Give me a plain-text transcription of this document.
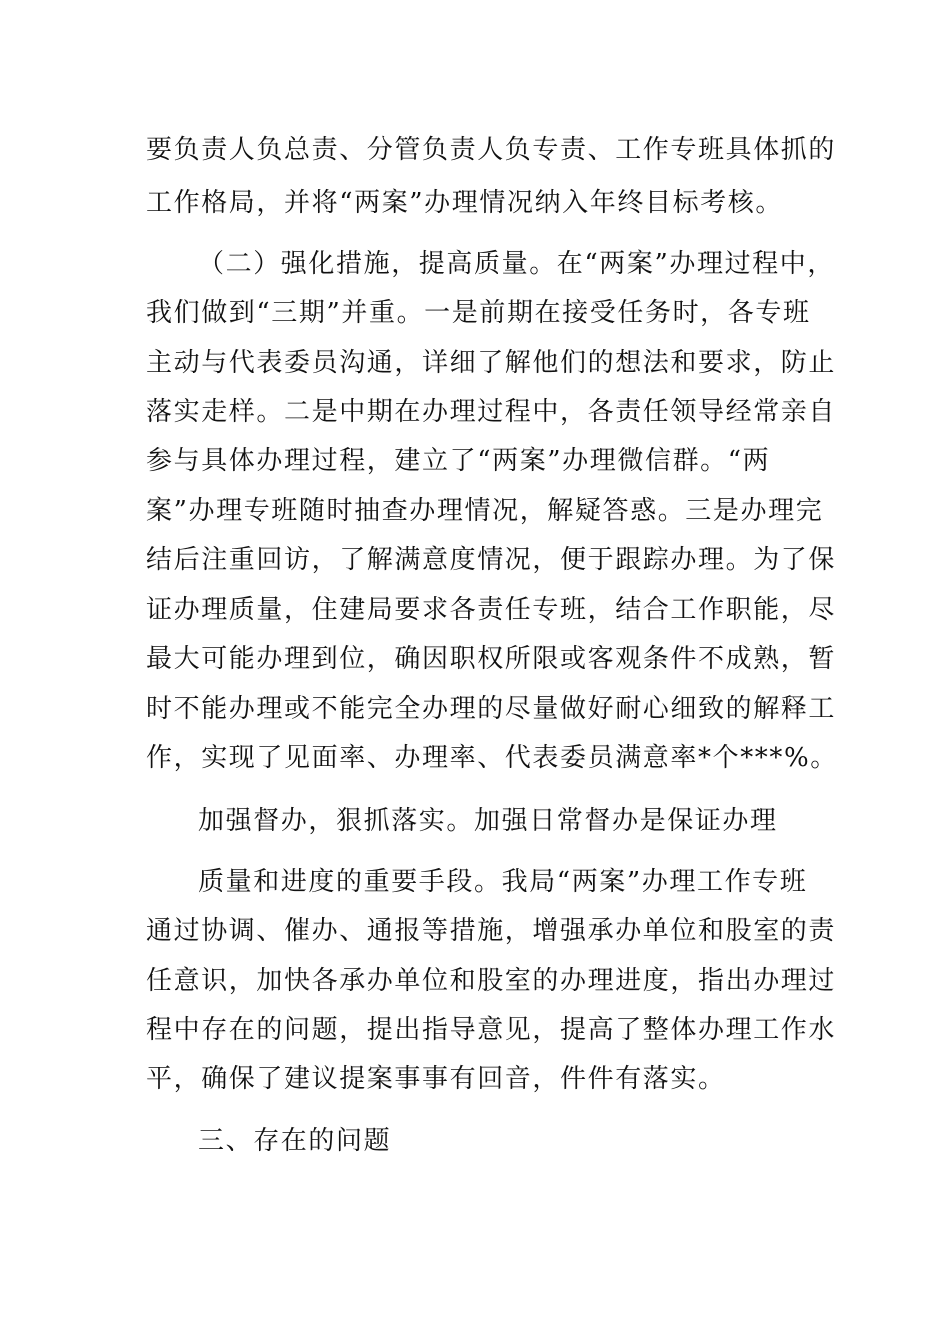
要负责人负总责、分管负责人负专责、工作专班具体抓的
工作格局，并将“两案”办理情况纳入年终目标考核。
（二）强化措施，提高质量。在“两案”办理过程中，
我们做到“三期”并重。一是前期在接受任务时，各专班
主动与代表委员沟通，详细了解他们的想法和要求，防止
落实走样。二是中期在办理过程中，各责任领导经常亲自
参与具体办理过程，建立了“两案”办理微信群。“两
案”办理专班随时抽查办理情况，解疑答惑。三是办理完
结后注重回访，了解满意度情况，便于跟踪办理。为了保
证办理质量，住建局要求各责任专班，结合工作职能，尽
最大可能办理到位，确因职权所限或客观条件不成熟，暂
时不能办理或不能完全办理的尽量做好耐心细致的解释工
作，实现了见面率、办理率、代表委员满意率*个***%。
加强督办，狠抓落实。加强日常督办是保证办理
质量和进度的重要手段。我局“两案”办理工作专班
通过协调、催办、通报等措施，增强承办单位和股室的责
任意识，加快各承办单位和股室的办理进度，指出办理过
程中存在的问题，提出指导意见，提高了整体办理工作水
平，确保了建议提案事事有回音，件件有落实。
三、存在的问题
